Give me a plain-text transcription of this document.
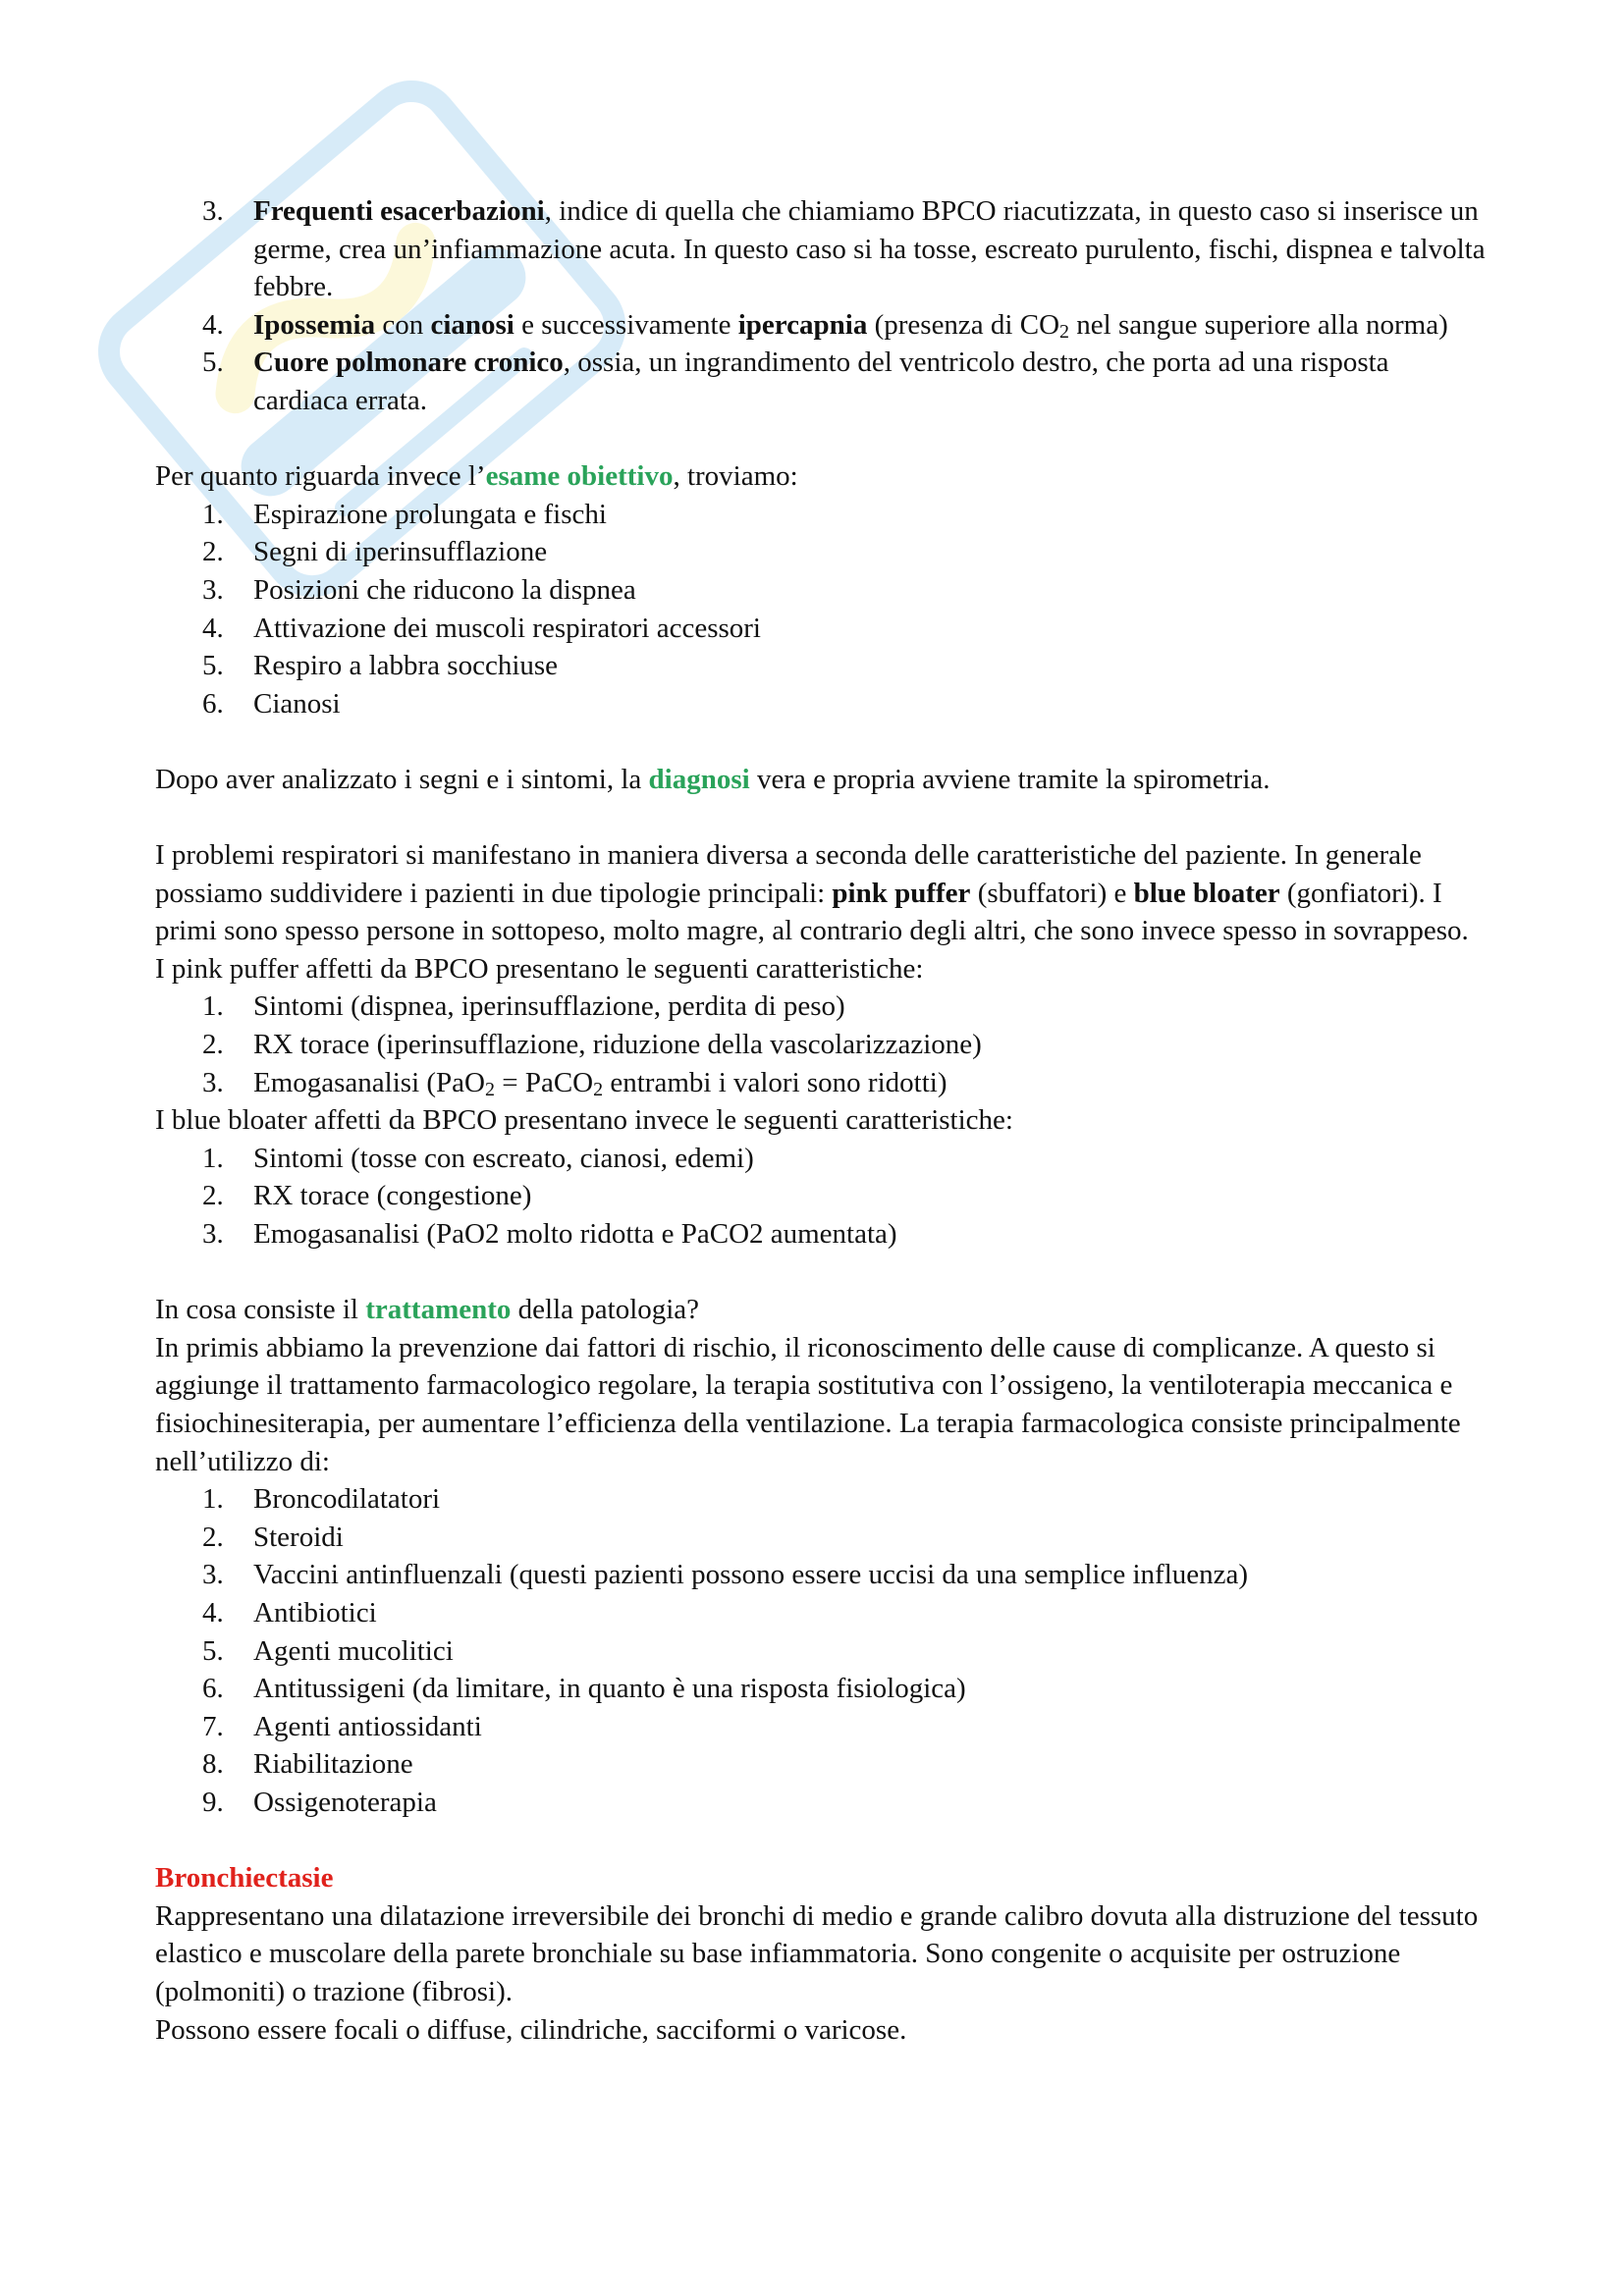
3.	Frequenti esacerbazioni, indice di quella che chiamiamo BPCO riacutizzata, in questo caso si inserisce un germe, crea un’infiammazione acuta. In questo caso si ha tosse, escreato purulento, fischi, dispnea e talvolta febbre.
4.	Ipossemia con cianosi e successivamente ipercapnia (presenza di $CO_2$ nel sangue superiore alla norma)
5.	Cuore polmonare cronico, ossia, un ingrandimento del ventricolo destro, che porta ad una risposta cardiaca errata.

Per quanto riguarda invece l’esame obiettivo, troviamo:

1.	Espirazione prolungata e fischi
2.	Segni di iperinsufflazione
3.	Posizioni che riducono la dispnea
4.	Attivazione dei muscoli respiratori accessori
5.	Respiro a labbra socchiuse
6.	Cianosi

Dopo aver analizzato i segni e i sintomi, la diagnosi vera e propria avviene tramite la spirometria.

I problemi respiratori si manifestano in maniera diversa a seconda delle caratteristiche del paziente. In generale possiamo suddividere i pazienti in due tipologie principali: pink puffer (sbuffatori) e blue bloater (gonfiatori). I primi sono spesso persone in sottopeso, molto magre, al contrario degli altri, che sono invece spesso in sovrappeso.

I pink puffer affetti da BPCO presentano le seguenti caratteristiche:

1.	Sintomi (dispnea, iperinsufflazione, perdita di peso)
2.	RX torace (iperinsufflazione, riduzione della vascolarizzazione)
3.	Emogasanalisi (PaO$_2$ = PaCO$_2$ entrambi i valori sono ridotti)

I blue bloater affetti da BPCO presentano invece le seguenti caratteristiche:

1.	Sintomi (tosse con escreato, cianosi, edemi)
2.	RX torace (congestione)
3.	Emogasanalisi (PaO2 molto ridotta e PaCO2 aumentata)

In cosa consiste il trattamento della patologia?

In primis abbiamo la prevenzione dai fattori di rischio, il riconoscimento delle cause di complicanze. A questo si aggiunge il trattamento farmacologico regolare, la terapia sostitutiva con l’ossigeno, la ventiloterapia meccanica e fisiochinesiterapia, per aumentare l’efficienza della ventilazione. La terapia farmacologica consiste principalmente nell’utilizzo di:

1.	Broncodilatatori
2.	Steroidi
3.	Vaccini antinfluenzali (questi pazienti possono essere uccisi da una semplice influenza)
4.	Antibiotici
5.	Agenti mucolitici
6.	Antitussigeni (da limitare, in quanto è una risposta fisiologica)
7.	Agenti antiossidanti
8.	Riabilitazione
9.	Ossigenoterapia

Bronchiectasie

Rappresentano una dilatazione irreversibile dei bronchi di medio e grande calibro dovuta alla distruzione del tessuto elastico e muscolare della parete bronchiale su base infiammatoria. Sono congenite o acquisite per ostruzione (polmoniti) o trazione (fibrosi).

Possono essere focali o diffuse, cilindriche, sacciformi o varicose.
